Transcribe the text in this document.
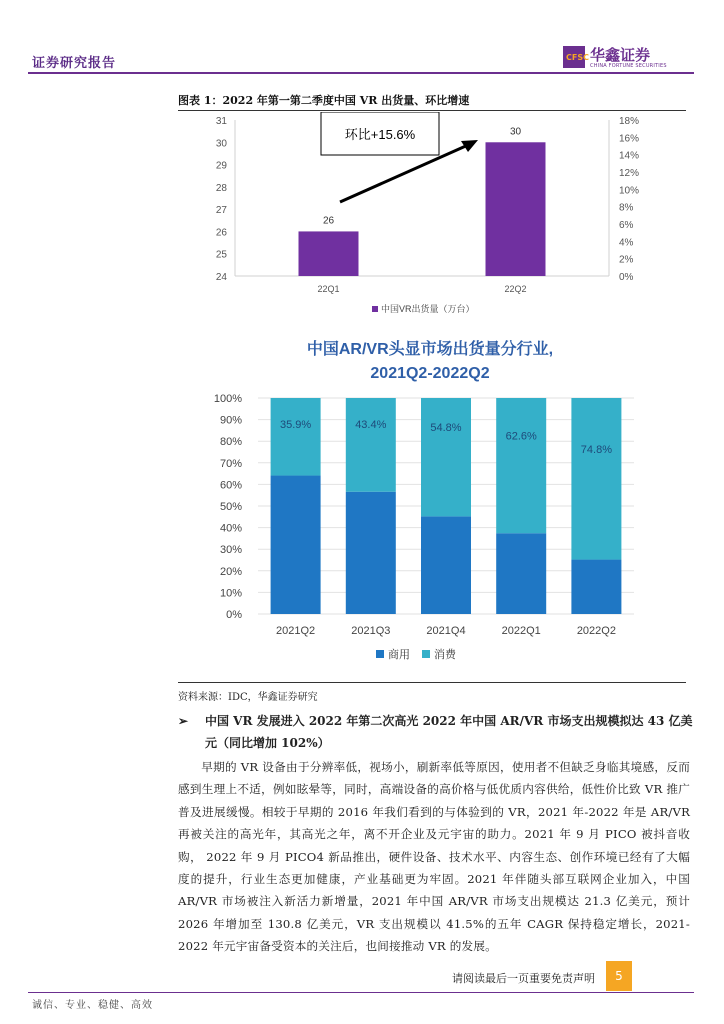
证券研究报告	CFSC 华鑫证券
CHINA FORTUNE SECURITIES
图表 1：2022 年第一第二季度中国 VR 出货量、环比增速
31
30
29
28
27
26
25
24
18%
16%
14%
12%
10%
8%
6%
4%
2%
0%
26
22Q1
30
22Q2
环比+15.6%
中国VR出货量（万台）
中国AR/VR头显市场出货量分行业,
2021Q2-2022Q2
100%
90%
80%
70%
60%
50%
40%
30%
20%
10%
0%
35.9%
2021Q2
43.4%
2021Q3
54.8%
2021Q4
62.6%
2022Q1
74.8%
2022Q2
商用 消费
资料来源：IDC，华鑫证券研究
➢ 中国 VR 发展进入 2022 年第二次高光 2022 年中国 AR/VR 市场支出规模拟达 43 亿美元（同比增加 102%）
早期的 VR 设备由于分辨率低，视场小，刷新率低等原因，使用者不但缺乏身临其境感，反而感到生理上不适，例如眩晕等，同时，高端设备的高价格与低优质内容供给，低性价比致 VR 推广普及进展缓慢。相较于早期的 2016 年我们看到的与体验到的 VR，2021 年-2022 年是 AR/VR 再被关注的高光年，其高光之年，离不开企业及元宇宙的助力。2021 年 9 月 PICO 被抖音收购， 2022 年 9 月 PICO4 新品推出，硬件设备、技术水平、内容生态、创作环境已经有了大幅度的提升，行业生态更加健康，产业基础更为牢固。2021 年伴随头部互联网企业加入，中国 AR/VR 市场被注入新活力新增量，2021 年中国 AR/VR 市场支出规模达 21.3 亿美元，预计 2026 年增加至 130.8 亿美元，VR 支出规模以 41.5%的五年 CAGR 保持稳定增长，2021-2022 年元宇宙备受资本的关注后，也间接推动 VR 的发展。
请阅读最后一页重要免责声明	5
诚信、专业、稳健、高效
